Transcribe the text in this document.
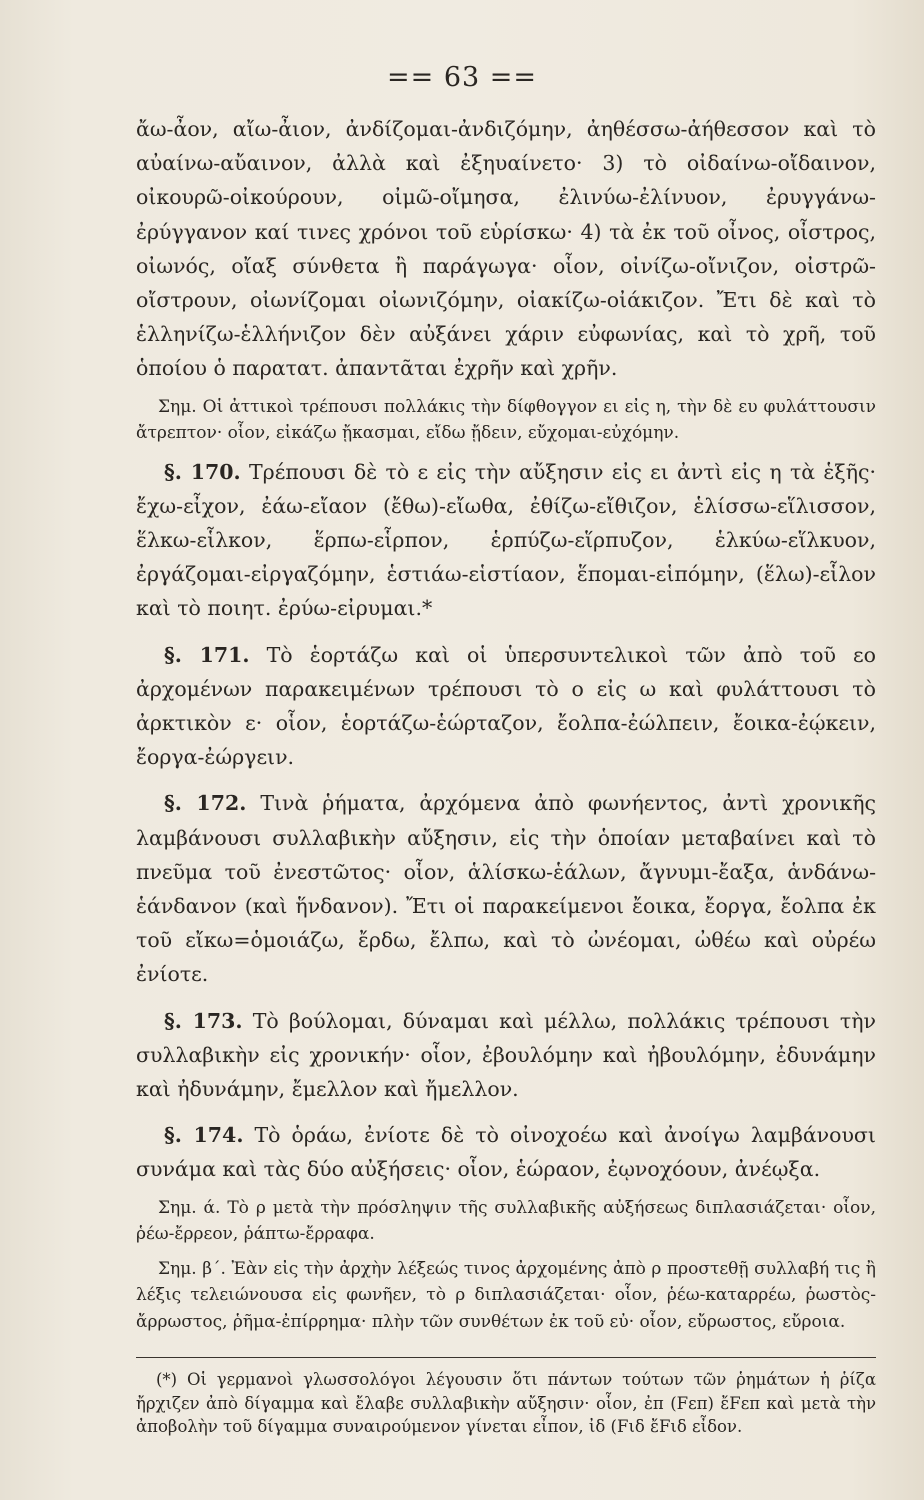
== 63 ==

ἄω-ἆον, αἴω-ἆιον, ἀνδίζομαι-ἀνδιζόμην, ἀηθέσσω-ἀήθεσσον καὶ τὸ αὐαίνω-αὔαινον, ἀλλὰ καὶ ἐξηυαίνετο· 3) τὸ οἰδαίνω-οἴδαινον, οἰκουρῶ-οἰκούρουν, οἰμῶ-οἴμησα, ἐλινύω-ἐλίνυον, ἐρυγγάνω-ἐρύγγανον καί τινες χρόνοι τοῦ εὑρίσκω· 4) τὰ ἐκ τοῦ οἶνος, οἶστρος, οἰωνός, οἴαξ σύνθετα ἢ παράγωγα· οἷον, οἰνίζω-οἴνιζον, οἰστρῶ-οἴστρουν, οἰωνίζομαι οἰωνιζόμην, οἰακίζω-οἰάκιζον. Ἔτι δὲ καὶ τὸ ἑλληνίζω-ἑλλήνιζον δὲν αὐξάνει χάριν εὐφωνίας, καὶ τὸ χρῆ, τοῦ ὁποίου ὁ παρατατ. ἀπαντᾶται ἐχρῆν καὶ χρῆν.

Σημ. Οἱ ἀττικοὶ τρέπουσι πολλάκις τὴν δίφθογγον ει εἰς η, τὴν δὲ ευ φυλάττουσιν ἄτρεπτον· οἷον, εἰκάζω ᾔκασμαι, εἴδω ᾔδειν, εὔχομαι-εὐχόμην.

§. 170. Τρέπουσι δὲ τὸ ε εἰς τὴν αὔξησιν εἰς ει ἀντὶ εἰς η τὰ ἑξῆς· ἔχω-εἶχον, ἐάω-εἴαον (ἔθω)-εἴωθα, ἐθίζω-εἴθιζον, ἑλίσσω-εἵλισσον, ἕλκω-εἷλκον, ἕρπω-εἷρπον, ἑρπύζω-εἵρπυζον, ἑλκύω-εἵλκυον, ἐργάζομαι-εἰργαζόμην, ἑστιάω-εἱστίαον, ἕπομαι-εἱπόμην, (ἕλω)-εἷλον καὶ τὸ ποιητ. ἐρύω-εἰρυμαι.*

§. 171. Τὸ ἑορτάζω καὶ οἱ ὑπερσυντελικοὶ τῶν ἀπὸ τοῦ εο ἀρχομένων παρακειμένων τρέπουσι τὸ ο εἰς ω καὶ φυλάττουσι τὸ ἀρκτικὸν ε· οἷον, ἑορτάζω-ἑώρταζον, ἔολπα-ἐώλπειν, ἔοικα-ἐῴκειν, ἔοργα-ἐώργειν.

§. 172. Τινὰ ῥήματα, ἀρχόμενα ἀπὸ φωνήεντος, ἀντὶ χρονικῆς λαμβάνουσι συλλαβικὴν αὔξησιν, εἰς τὴν ὁποίαν μεταβαίνει καὶ τὸ πνεῦμα τοῦ ἐνεστῶτος· οἷον, ἁλίσκω-ἑάλων, ἄγνυμι-ἔαξα, ἁνδάνω-ἑάνδανον (καὶ ἥνδανον). Ἔτι οἱ παρακείμενοι ἔοικα, ἔοργα, ἔολπα ἐκ τοῦ εἴκω=ὁμοιάζω, ἔρδω, ἔλπω, καὶ τὸ ὠνέομαι, ὠθέω καὶ οὐρέω ἐνίοτε.

§. 173. Τὸ βούλομαι, δύναμαι καὶ μέλλω, πολλάκις τρέπουσι τὴν συλλαβικὴν εἰς χρονικήν· οἷον, ἐβουλόμην καὶ ἠβουλόμην, ἐδυνάμην καὶ ἠδυνάμην, ἔμελλον καὶ ἤμελλον.

§. 174. Τὸ ὁράω, ἐνίοτε δὲ τὸ οἰνοχοέω καὶ ἀνοίγω λαμβάνουσι συνάμα καὶ τὰς δύο αὐξήσεις· οἷον, ἑώραον, ἐῳνοχόουν, ἀνέῳξα.

Σημ. ά. Τὸ ρ μετὰ τὴν πρόσληψιν τῆς συλλαβικῆς αὐξήσεως διπλασιάζεται· οἷον, ῥέω-ἔρρεον, ῥάπτω-ἔρραφα.

Σημ. β΄. Ἐὰν εἰς τὴν ἀρχὴν λέξεώς τινος ἀρχομένης ἀπὸ ρ προστεθῇ συλλαβή τις ἢ λέξις τελειώνουσα εἰς φωνῆεν, τὸ ρ διπλασιάζεται· οἷον, ῥέω-καταρρέω, ῥωστὸς-ἄρρωστος, ῥῆμα-ἐπίρρημα· πλὴν τῶν συνθέτων ἐκ τοῦ εὐ· οἷον, εὔρωστος, εὔροια.

(*) Οἱ γερμανοὶ γλωσσολόγοι λέγουσιν ὅτι πάντων τούτων τῶν ῥημάτων ἡ ῥίζα ἤρχιζεν ἀπὸ δίγαμμα καὶ ἔλαβε συλλαβικὴν αὔξησιν· οἷον, ἐπ (Fεπ) ἔFεπ καὶ μετὰ τὴν ἀποβολὴν τοῦ δίγαμμα συναιρούμενον γίνεται εἶπον, ἰδ (Fιδ ἔFιδ εἶδον.
